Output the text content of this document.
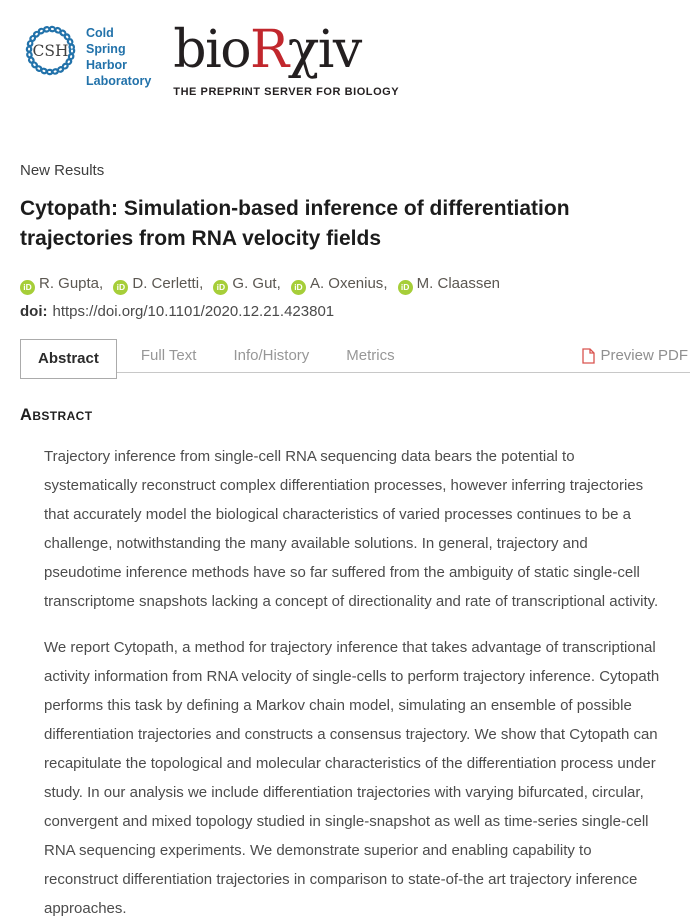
CSH
Cold
Spring
Harbor
Laboratory
bioRχiv
THE PREPRINT SERVER FOR BIOLOGY
New Results
Cytopath: Simulation-based inference of differentiation trajectories from RNA velocity fields
iD R. Gupta, iD D. Cerletti, iD G. Gut, iD A. Oxenius, iD M. Claassen
doi: https://doi.org/10.1101/2020.12.21.423801
Abstract	Full Text	Info/History	Metrics	Preview PDF
Abstract

Trajectory inference from single-cell RNA sequencing data bears the potential to systematically reconstruct complex differentiation processes, however inferring trajectories that accurately model the biological characteristics of varied processes continues to be a challenge, notwithstanding the many available solutions. In general, trajectory and pseudotime inference methods have so far suffered from the ambiguity of static single-cell transcriptome snapshots lacking a concept of directionality and rate of transcriptional activity.

We report Cytopath, a method for trajectory inference that takes advantage of transcriptional activity information from RNA velocity of single-cells to perform trajectory inference. Cytopath performs this task by defining a Markov chain model, simulating an ensemble of possible differentiation trajectories and constructs a consensus trajectory. We show that Cytopath can recapitulate the topological and molecular characteristics of the differentiation process under study. In our analysis we include differentiation trajectories with varying bifurcated, circular, convergent and mixed topology studied in single-snapshot as well as time-series single-cell RNA sequencing experiments. We demonstrate superior and enabling capability to reconstruct differentiation trajectories in comparison to state-of-the art trajectory inference approaches.
